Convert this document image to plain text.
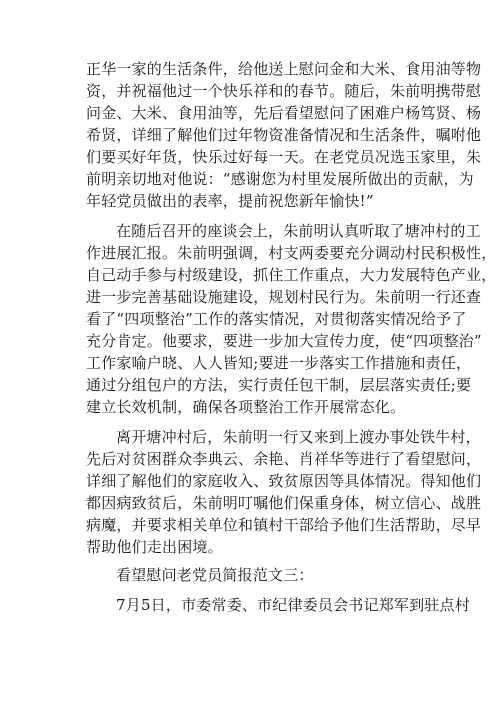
正华一家的生活条件，给他送上慰问金和大米、食用油等物
资，并祝福他过一个快乐祥和的春节。随后，朱前明携带慰
问金、大米、食用油等，先后看望慰问了困难户杨笃贤、杨
希贤，详细了解他们过年物资准备情况和生活条件，嘱咐他
们要买好年货，快乐过好每一天。在老党员况选玉家里，朱
前明亲切地对他说：“感谢您为村里发展所做出的贡献，为
年轻党员做出的表率，提前祝您新年愉快!”
在随后召开的座谈会上，朱前明认真听取了塘冲村的工
作进展汇报。朱前明强调，村支两委要充分调动村民积极性，
自己动手参与村级建设，抓住工作重点，大力发展特色产业，
进一步完善基础设施建设，规划村民行为。朱前明一行还查
看了“四项整治”工作的落实情况，对贯彻落实情况给予了
充分肯定。他要求，要进一步加大宣传力度，使“四项整治”
工作家喻户晓、人人皆知;要进一步落实工作措施和责任，
通过分组包户的方法，实行责任包干制，层层落实责任;要
建立长效机制，确保各项整治工作开展常态化。
离开塘冲村后，朱前明一行又来到上渡办事处铁牛村，
先后对贫困群众李典云、余艳、肖祥华等进行了看望慰问，
详细了解他们的家庭收入、致贫原因等具体情况。得知他们
都因病致贫后，朱前明叮嘱他们保重身体，树立信心、战胜
病魔，并要求相关单位和镇村干部给予他们生活帮助，尽早
帮助他们走出困境。
看望慰问老党员简报范文三：
7月5日，市委常委、市纪律委员会书记郑军到驻点村
